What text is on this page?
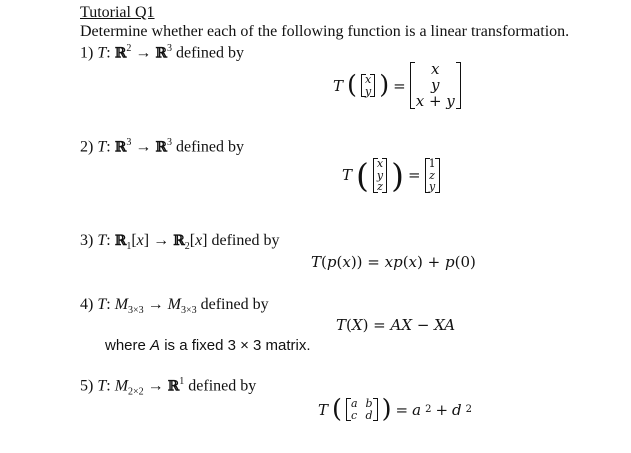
Tutorial Q1
Determine whether each of the following function is a linear transformation.
1) T: ℝ$^2$ → ℝ$^3$ defined by
T ( x
y ) =
x
y
x + y
2) T: ℝ$^3$ → ℝ$^3$ defined by
T ( x
y
z ) =
1
z
y
3) T: ℝ$_1$[x] → ℝ$_2$[x] defined by
T(p(x)) = xp(x) + p(0)
4) T: $M_{3\times 3} \to M_{3\times 3}$ defined by
T(X) = AX − XA
where A is a fixed 3 × 3 matrix.
5) T: $M_{2\times 2}$ → ℝ$^1$ defined by
T ( a b
c d ) = a 2 + d 2
